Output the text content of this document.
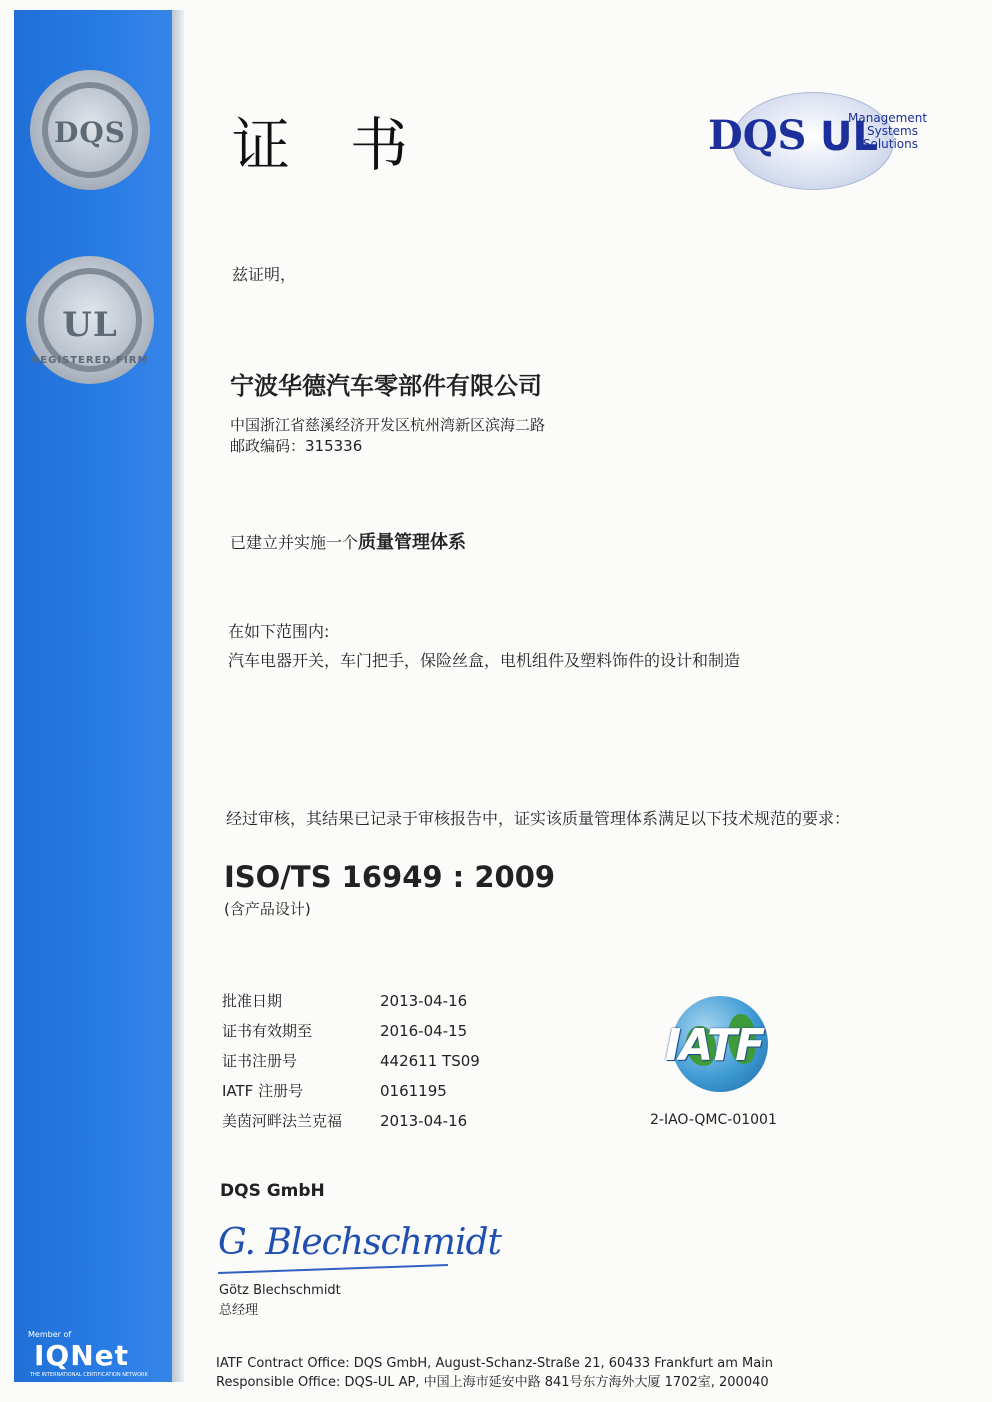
DQS
UL
REGISTERED FIRM
Member of
IQNet
THE INTERNATIONAL CERTIFICATION NETWORK
证书	DQS UL
Management
Systems
Solutions
兹证明，
宁波华德汽车零部件有限公司
中国浙江省慈溪经济开发区杭州湾新区滨海二路
邮政编码：315336
已建立并实施一个质量管理体系
在如下范围内:
汽车电器开关，车门把手，保险丝盒，电机组件及塑料饰件的设计和制造
经过审核，其结果已记录于审核报告中，证实该质量管理体系满足以下技术规范的要求：
ISO/TS 16949 : 2009
(含产品设计)
批准日期	2013-04-16
证书有效期至	2016-04-15
证书注册号	442611 TS09
IATF 注册号	0161195
美茵河畔法兰克福	2013-04-16
IATF
2-IAO-QMC-01001
DQS GmbH
G. Blechschmidt
Götz Blechschmidt
总经理
IATF Contract Office: DQS GmbH, August-Schanz-Straße 21, 60433 Frankfurt am Main
Responsible Office: DQS-UL AP, 中国上海市延安中路 841号东方海外大厦 1702室, 200040
